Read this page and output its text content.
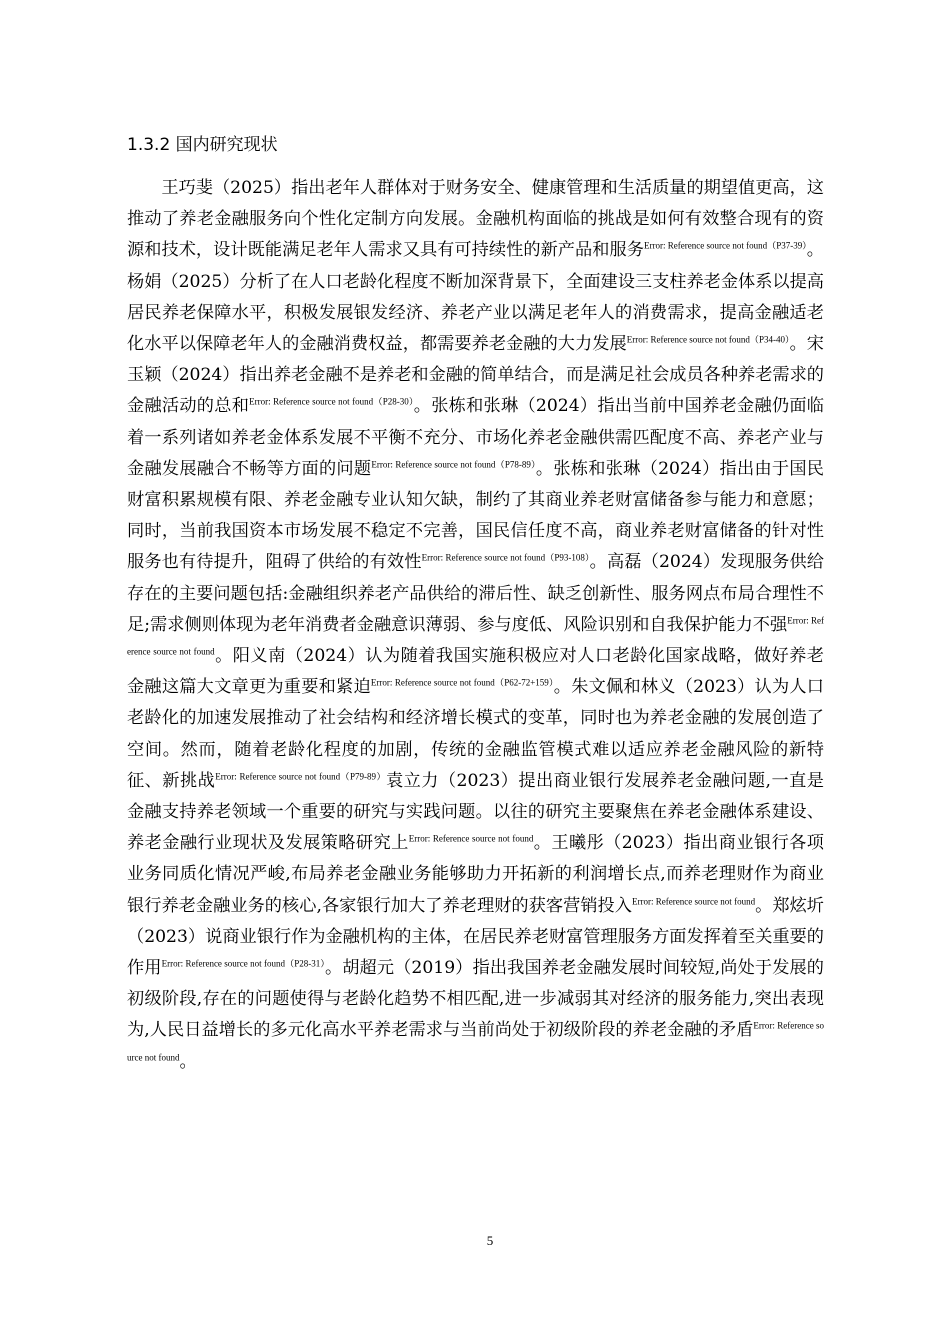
1.3.2 国内研究现状

王巧斐（2025）指出老年人群体对于财务安全、健康管理和生活质量的期望值更高，这推动了养老金融服务向个性化定制方向发展。金融机构面临的挑战是如何有效整合现有的资源和技术，设计既能满足老年人需求又具有可持续性的新产品和服务$^{Error: Reference source not found(P37-39)}$。杨娟（2025）分析了在人口老龄化程度不断加深背景下，全面建设三支柱养老金体系以提高居民养老保障水平，积极发展银发经济、养老产业以满足老年人的消费需求，提高金融适老化水平以保障老年人的金融消费权益，都需要养老金融的大力发展$^{Error: Reference source not found(P34-40)}$。宋玉颖（2024）指出养老金融不是养老和金融的简单结合，而是满足社会成员各种养老需求的金融活动的总和$^{Error: Reference source not found(P28-30)}$。张栋和张琳（2024）指出当前中国养老金融仍面临着一系列诸如养老金体系发展不平衡不充分、市场化养老金融供需匹配度不高、养老产业与金融发展融合不畅等方面的问题$^{Error: Reference source not found(P78-89)}$。张栋和张琳（2024）指出由于国民财富积累规模有限、养老金融专业认知欠缺，制约了其商业养老财富储备参与能力和意愿；同时，当前我国资本市场发展不稳定不完善，国民信任度不高，商业养老财富储备的针对性服务也有待提升，阻碍了供给的有效性$^{Error: Reference source not found(P93-108)}$。高磊（2024）发现服务供给存在的主要问题包括:金融组织养老产品供给的滞后性、缺乏创新性、服务网点布局合理性不足;需求侧则体现为老年消费者金融意识薄弱、参与度低、风险识别和自我保护能力不强$^{Error: Reference source not found}$。阳义南（2024）认为随着我国实施积极应对人口老龄化国家战略，做好养老金融这篇大文章更为重要和紧迫$^{Error: Reference source not found(P62-72+159)}$。朱文佩和林义（2023）认为人口老龄化的加速发展推动了社会结构和经济增长模式的变革，同时也为养老金融的发展创造了空间。然而，随着老龄化程度的加剧，传统的金融监管模式难以适应养老金融风险的新特征、新挑战$^{Error: Reference source not found(P79-89)}$袁立力（2023）提出商业银行发展养老金融问题,一直是金融支持养老领域一个重要的研究与实践问题。以往的研究主要聚焦在养老金融体系建设、养老金融行业现状及发展策略研究上$^{Error: Reference source not found}$。王曦彤（2023）指出商业银行各项业务同质化情况严峻,布局养老金融业务能够助力开拓新的利润增长点,而养老理财作为商业银行养老金融业务的核心,各家银行加大了养老理财的获客营销投入$^{Error: Reference source not found}$。郑炫圻（2023）说商业银行作为金融机构的主体，在居民养老财富管理服务方面发挥着至关重要的作用$^{Error: Reference source not found(P28-31)}$。胡超元（2019）指出我国养老金融发展时间较短,尚处于发展的初级阶段,存在的问题使得与老龄化趋势不相匹配,进一步减弱其对经济的服务能力,突出表现为,人民日益增长的多元化高水平养老需求与当前尚处于初级阶段的养老金融的矛盾$^{Error: Reference source not found}$。

5
